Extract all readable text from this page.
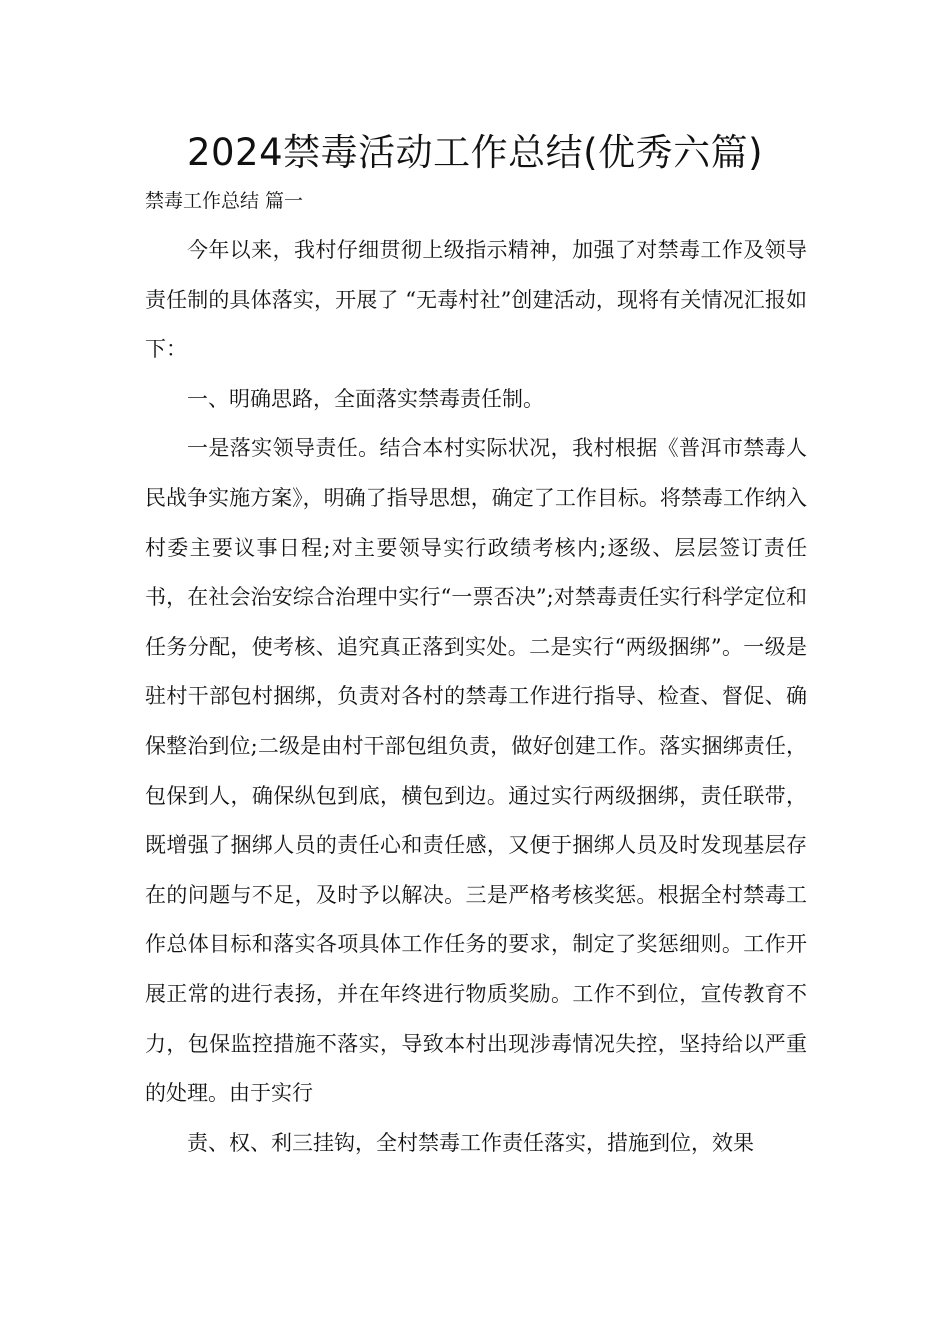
2024禁毒活动工作总结(优秀六篇)
禁毒工作总结 篇一

今年以来，我村仔细贯彻上级指示精神，加强了对禁毒工作及领导责任制的具体落实，开展了 “无毒村社”创建活动，现将有关情况汇报如下：

一、明确思路，全面落实禁毒责任制。

一是落实领导责任。结合本村实际状况，我村根据《普洱市禁毒人民战争实施方案》，明确了指导思想，确定了工作目标。将禁毒工作纳入村委主要议事日程;对主要领导实行政绩考核内;逐级、层层签订责任书，在社会治安综合治理中实行“一票否决”;对禁毒责任实行科学定位和任务分配，使考核、追究真正落到实处。二是实行“两级捆绑”。一级是驻村干部包村捆绑，负责对各村的禁毒工作进行指导、检查、督促、确保整治到位;二级是由村干部包组负责，做好创建工作。落实捆绑责任，包保到人，确保纵包到底，横包到边。通过实行两级捆绑，责任联带，既增强了捆绑人员的责任心和责任感，又便于捆绑人员及时发现基层存在的问题与不足，及时予以解决。三是严格考核奖惩。根据全村禁毒工作总体目标和落实各项具体工作任务的要求，制定了奖惩细则。工作开展正常的进行表扬，并在年终进行物质奖励。工作不到位，宣传教育不力，包保监控措施不落实，导致本村出现涉毒情况失控，坚持给以严重的处理。由于实行

责、权、利三挂钩，全村禁毒工作责任落实，措施到位，效果
